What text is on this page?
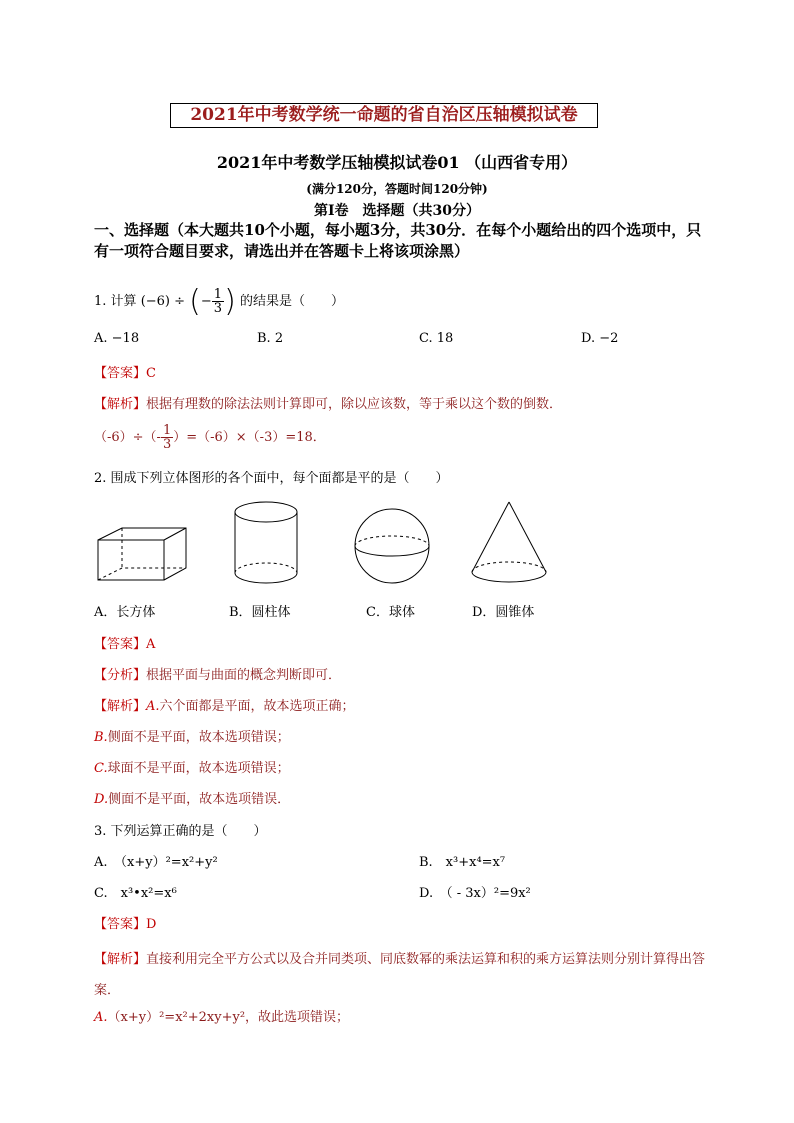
2021年中考数学统一命题的省自治区压轴模拟试卷
2021年中考数学压轴模拟试卷01 （山西省专用）
(满分120分，答题时间120分钟)
第Ⅰ卷　选择题（共30分）
一、选择题（本大题共10个小题，每小题3分，共30分．在每个小题给出的四个选项中，只有一项符合题目要求，请选出并在答题卡上将该项涂黑）
1. 计算 (−6) ÷ (− $\frac{1}{3}$ ) 的结果是（　　）
A. −18	B. 2	C. 18	D. −2
【答案】C
【解析】根据有理数的除法法则计算即可，除以应该数，等于乘以这个数的倒数．
$(-6)\div(- \frac{1}{3} )=(-6)\times(-3)=18$．
2. 围成下列立体图形的各个面中，每个面都是平的是（　　）
A．长方体	B．圆柱体	C．球体	D．圆锥体
【答案】A
【分析】根据平面与曲面的概念判断即可．
【解析】A.六个面都是平面，故本选项正确；
B.侧面不是平面，故本选项错误；
C.球面不是平面，故本选项错误；
D.侧面不是平面，故本选项错误．
3. 下列运算正确的是（　　）
A.　（x+y）²=x²+y²	B.　x³+x⁴=x⁷
C.　x³•x²=x⁶	D.　（ - 3x）²=9x²
【答案】D
【解析】直接利用完全平方公式以及合并同类项、同底数幂的乘法运算和积的乘方运算法则分别计算得出答案．
A.（x+y）²=x²+2xy+y²，故此选项错误；
